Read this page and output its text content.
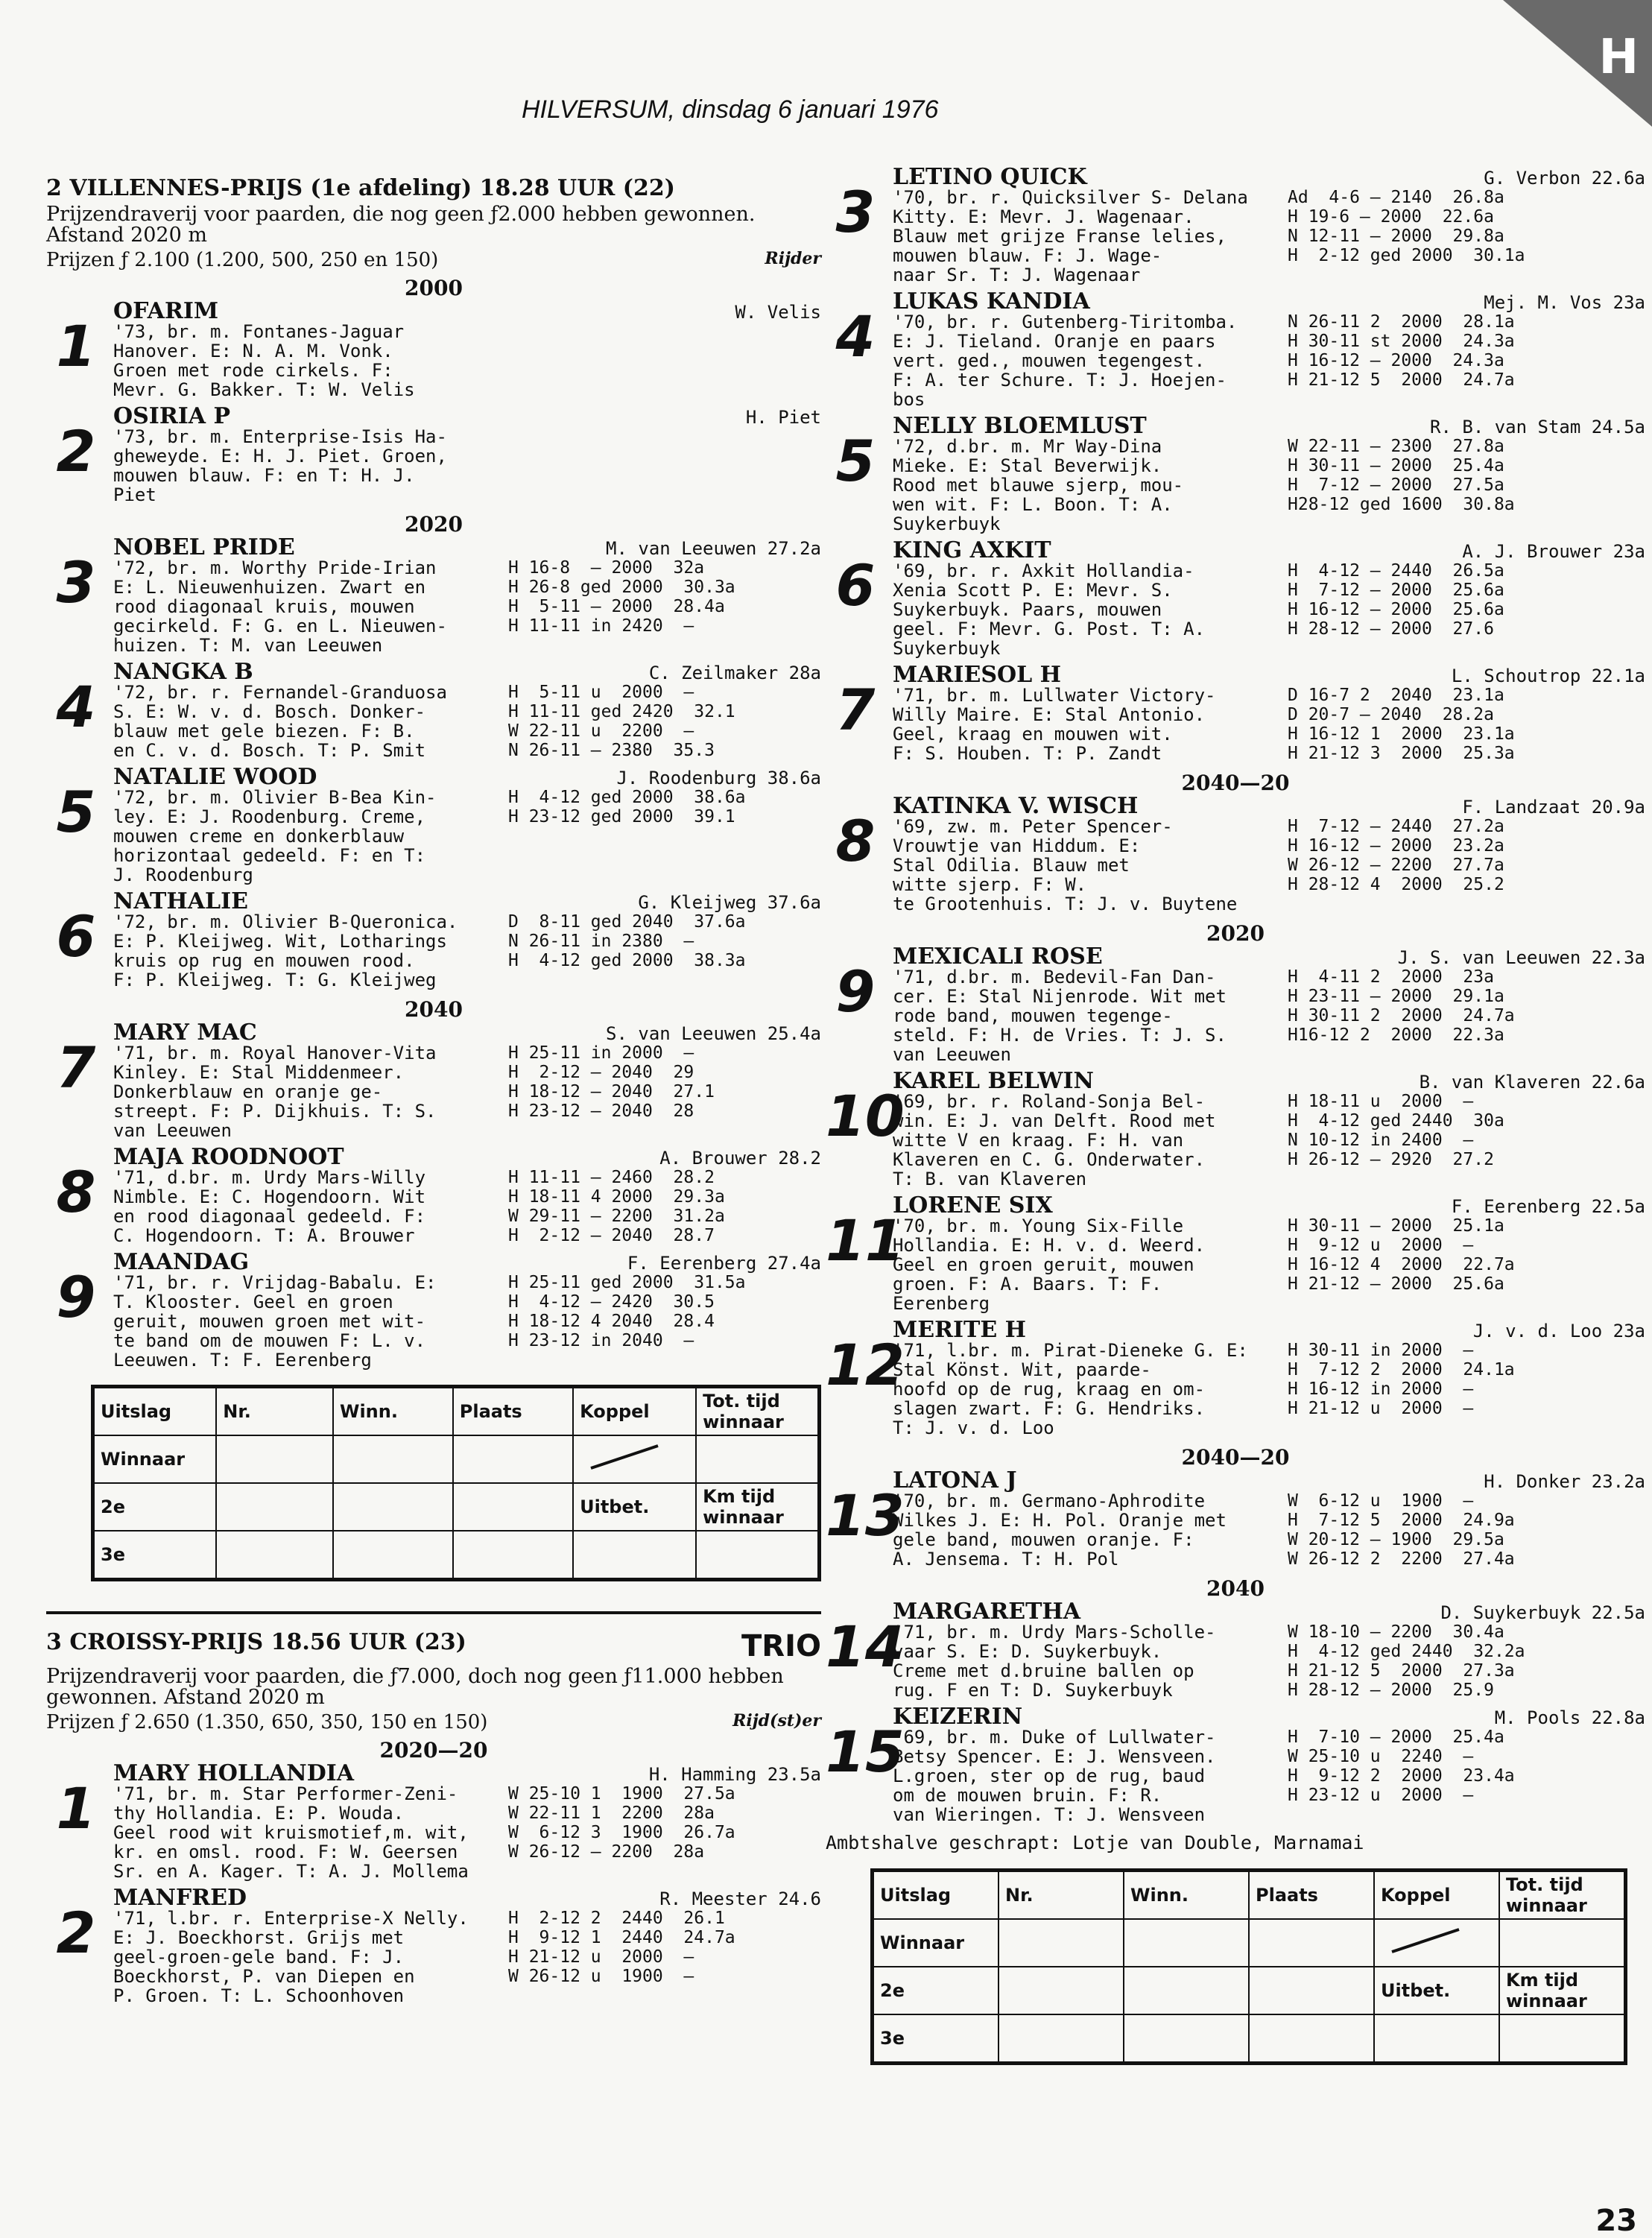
H
HILVERSUM, dinsdag 6 januari 1976
2 VILLENNES-PRIJS (1e afdeling) 18.28 UUR (22)

Prijzendraverij voor paarden, die nog geen ƒ2.000 hebben gewonnen. Afstand 2020 m

Prijzen ƒ 2.100 (1.200, 500, 250 en 150)	Rijder
2000
1
OFARIM	W. Velis
'73, br. m. Fontanes-Jaguar
Hanover. E: N. A. M. Vonk.
Groen met rode cirkels. F:
Mevr. G. Bakker. T: W. Velis
2
OSIRIA P	H. Piet
'73, br. m. Enterprise-Isis Ha-
gheweyde. E: H. J. Piet. Groen,
mouwen blauw. F: en T: H. J.
Piet
2020
3
NOBEL PRIDE	M. van Leeuwen 27.2a
'72, br. m. Worthy Pride-Irian
E: L. Nieuwenhuizen. Zwart en
rood diagonaal kruis, mouwen
gecirkeld. F: G. en L. Nieuwen-
huizen. T: M. van Leeuwen
H 16-8  — 2000  32a
H 26-8 ged 2000  30.3a
H  5-11 — 2000  28.4a
H 11-11 in 2420  —
4
NANGKA B	C. Zeilmaker 28a
'72, br. r. Fernandel-Granduosa
S. E: W. v. d. Bosch. Donker-
blauw met gele biezen. F: B.
en C. v. d. Bosch. T: P. Smit
H  5-11 u  2000  —
H 11-11 ged 2420  32.1
W 22-11 u  2200  —
N 26-11 — 2380  35.3
5
NATALIE WOOD	J. Roodenburg 38.6a
'72, br. m. Olivier B-Bea Kin-
ley. E: J. Roodenburg. Creme,
mouwen creme en donkerblauw
horizontaal gedeeld. F: en T:
J. Roodenburg
H  4-12 ged 2000  38.6a
H 23-12 ged 2000  39.1
6
NATHALIE	G. Kleijweg 37.6a
'72, br. m. Olivier B-Queronica.
E: P. Kleijweg. Wit, Lotharings
kruis op rug en mouwen rood.
F: P. Kleijweg. T: G. Kleijweg
D  8-11 ged 2040  37.6a
N 26-11 in 2380  —
H  4-12 ged 2000  38.3a
2040
7
MARY MAC	S. van Leeuwen 25.4a
'71, br. m. Royal Hanover-Vita
Kinley. E: Stal Middenmeer.
Donkerblauw en oranje ge-
streept. F: P. Dijkhuis. T: S.
van Leeuwen
H 25-11 in 2000  —
H  2-12 — 2040  29
H 18-12 — 2040  27.1
H 23-12 — 2040  28
8
MAJA ROODNOOT	A. Brouwer 28.2
'71, d.br. m. Urdy Mars-Willy
Nimble. E: C. Hogendoorn. Wit
en rood diagonaal gedeeld. F:
C. Hogendoorn. T: A. Brouwer
H 11-11 — 2460  28.2
H 18-11 4 2000  29.3a
W 29-11 — 2200  31.2a
H  2-12 — 2040  28.7
9
MAANDAG	F. Eerenberg 27.4a
'71, br. r. Vrijdag-Babalu. E:
T. Klooster. Geel en groen
geruit, mouwen groen met wit-
te band om de mouwen F: L. v.
Leeuwen. T: F. Eerenberg
H 25-11 ged 2000  31.5a
H  4-12 — 2420  30.5
H 18-12 4 2040  28.4
H 23-12 in 2040  —
Uitslag	Nr.	Winn.	Plaats	Koppel	Tot. tijd winnaar
Winnaar					
2e				Uitbet.	Km tijd winnaar
3e					
3 CROISSY-PRIJS 18.56 UUR (23)	TRIO

Prijzendraverij voor paarden, die ƒ7.000, doch nog geen ƒ11.000 hebben gewonnen. Afstand 2020 m

Prijzen ƒ 2.650 (1.350, 650, 350, 150 en 150)	Rijd(st)er
2020—20
1
MARY HOLLANDIA	H. Hamming 23.5a
'71, br. m. Star Performer-Zeni-
thy Hollandia. E: P. Wouda.
Geel rood wit kruismotief,m. wit,
kr. en omsl. rood. F: W. Geersen
Sr. en A. Kager. T: A. J. Mollema
W 25-10 1  1900  27.5a
W 22-11 1  2200  28a
W  6-12 3  1900  26.7a
W 26-12 — 2200  28a
2
MANFRED	R. Meester 24.6
'71, l.br. r. Enterprise-X Nelly.
E: J. Boeckhorst. Grijs met
geel-groen-gele band. F: J.
Boeckhorst, P. van Diepen en
P. Groen. T: L. Schoonhoven
H  2-12 2  2440  26.1
H  9-12 1  2440  24.7a
H 21-12 u  2000  —
W 26-12 u  1900  —
3
LETINO QUICK	G. Verbon 22.6a
'70, br. r. Quicksilver S- Delana
Kitty. E: Mevr. J. Wagenaar.
Blauw met grijze Franse lelies,
mouwen blauw. F: J. Wage-
naar Sr. T: J. Wagenaar
Ad  4-6 — 2140  26.8a
H 19-6 — 2000  22.6a
N 12-11 — 2000  29.8a
H  2-12 ged 2000  30.1a
4
LUKAS KANDIA	Mej. M. Vos 23a
'70, br. r. Gutenberg-Tiritomba.
E: J. Tieland. Oranje en paars
vert. ged., mouwen tegengest.
F: A. ter Schure. T: J. Hoejen-
bos
N 26-11 2  2000  28.1a
H 30-11 st 2000  24.3a
H 16-12 — 2000  24.3a
H 21-12 5  2000  24.7a
5
NELLY BLOEMLUST	R. B. van Stam 24.5a
'72, d.br. m. Mr Way-Dina
Mieke. E: Stal Beverwijk.
Rood met blauwe sjerp, mou-
wen wit. F: L. Boon. T: A.
Suykerbuyk
W 22-11 — 2300  27.8a
H 30-11 — 2000  25.4a
H  7-12 — 2000  27.5a
H28-12 ged 1600  30.8a
6
KING AXKIT	A. J. Brouwer 23a
'69, br. r. Axkit Hollandia-
Xenia Scott P. E: Mevr. S.
Suykerbuyk. Paars, mouwen
geel. F: Mevr. G. Post. T: A.
Suykerbuyk
H  4-12 — 2440  26.5a
H  7-12 — 2000  25.6a
H 16-12 — 2000  25.6a
H 28-12 — 2000  27.6
7
MARIESOL H	L. Schoutrop 22.1a
'71, br. m. Lullwater Victory-
Willy Maire. E: Stal Antonio.
Geel, kraag en mouwen wit.
F: S. Houben. T: P. Zandt
D 16-7 2  2040  23.1a
D 20-7 — 2040  28.2a
H 16-12 1  2000  23.1a
H 21-12 3  2000  25.3a
2040—20
8
KATINKA V. WISCH	F. Landzaat 20.9a
'69, zw. m. Peter Spencer-
Vrouwtje van Hiddum. E:
Stal Odilia. Blauw met
witte sjerp. F: W.
te Grootenhuis. T: J. v. Buytene
H  7-12 — 2440  27.2a
H 16-12 — 2000  23.2a
W 26-12 — 2200  27.7a
H 28-12 4  2000  25.2
2020
9
MEXICALI ROSE	J. S. van Leeuwen 22.3a
'71, d.br. m. Bedevil-Fan Dan-
cer. E: Stal Nijenrode. Wit met
rode band, mouwen tegenge-
steld. F: H. de Vries. T: J. S.
van Leeuwen
H  4-11 2  2000  23a
H 23-11 — 2000  29.1a
H 30-11 2  2000  24.7a
H16-12 2  2000  22.3a
10
KAREL BELWIN	B. van Klaveren 22.6a
'69, br. r. Roland-Sonja Bel-
win. E: J. van Delft. Rood met
witte V en kraag. F: H. van
Klaveren en C. G. Onderwater.
T: B. van Klaveren
H 18-11 u  2000  —
H  4-12 ged 2440  30a
N 10-12 in 2400  —
H 26-12 — 2920  27.2
11
LORENE SIX	F. Eerenberg 22.5a
'70, br. m. Young Six-Fille
Hollandia. E: H. v. d. Weerd.
Geel en groen geruit, mouwen
groen. F: A. Baars. T: F.
Eerenberg
H 30-11 — 2000  25.1a
H  9-12 u  2000  —
H 16-12 4  2000  22.7a
H 21-12 — 2000  25.6a
12
MERITE H	J. v. d. Loo 23a
'71, l.br. m. Pirat-Dieneke G. E:
Stal Könst. Wit, paarde-
hoofd op de rug, kraag en om-
slagen zwart. F: G. Hendriks.
T: J. v. d. Loo
H 30-11 in 2000  —
H  7-12 2  2000  24.1a
H 16-12 in 2000  —
H 21-12 u  2000  —
2040—20
13
LATONA J	H. Donker 23.2a
'70, br. m. Germano-Aphrodite
Wilkes J. E: H. Pol. Oranje met
gele band, mouwen oranje. F:
A. Jensema. T: H. Pol
W  6-12 u  1900  —
H  7-12 5  2000  24.9a
W 20-12 — 1900  29.5a
W 26-12 2  2200  27.4a
2040
14
MARGARETHA	D. Suykerbuyk 22.5a
'71, br. m. Urdy Mars-Scholle-
vaar S. E: D. Suykerbuyk.
Creme met d.bruine ballen op
rug. F en T: D. Suykerbuyk
W 18-10 — 2200  30.4a
H  4-12 ged 2440  32.2a
H 21-12 5  2000  27.3a
H 28-12 — 2000  25.9
15
KEIZERIN	M. Pools 22.8a
'69, br. m. Duke of Lullwater-
Betsy Spencer. E: J. Wensveen.
L.groen, ster op de rug, baud
om de mouwen bruin. F: R.
van Wieringen. T: J. Wensveen
H  7-10 — 2000  25.4a
W 25-10 u  2240  —
H  9-12 2  2000  23.4a
H 23-12 u  2000  —
Ambtshalve geschrapt: Lotje van Double, Marnamai
Uitslag	Nr.	Winn.	Plaats	Koppel	Tot. tijd winnaar
Winnaar					
2e				Uitbet.	Km tijd winnaar
3e					
23
